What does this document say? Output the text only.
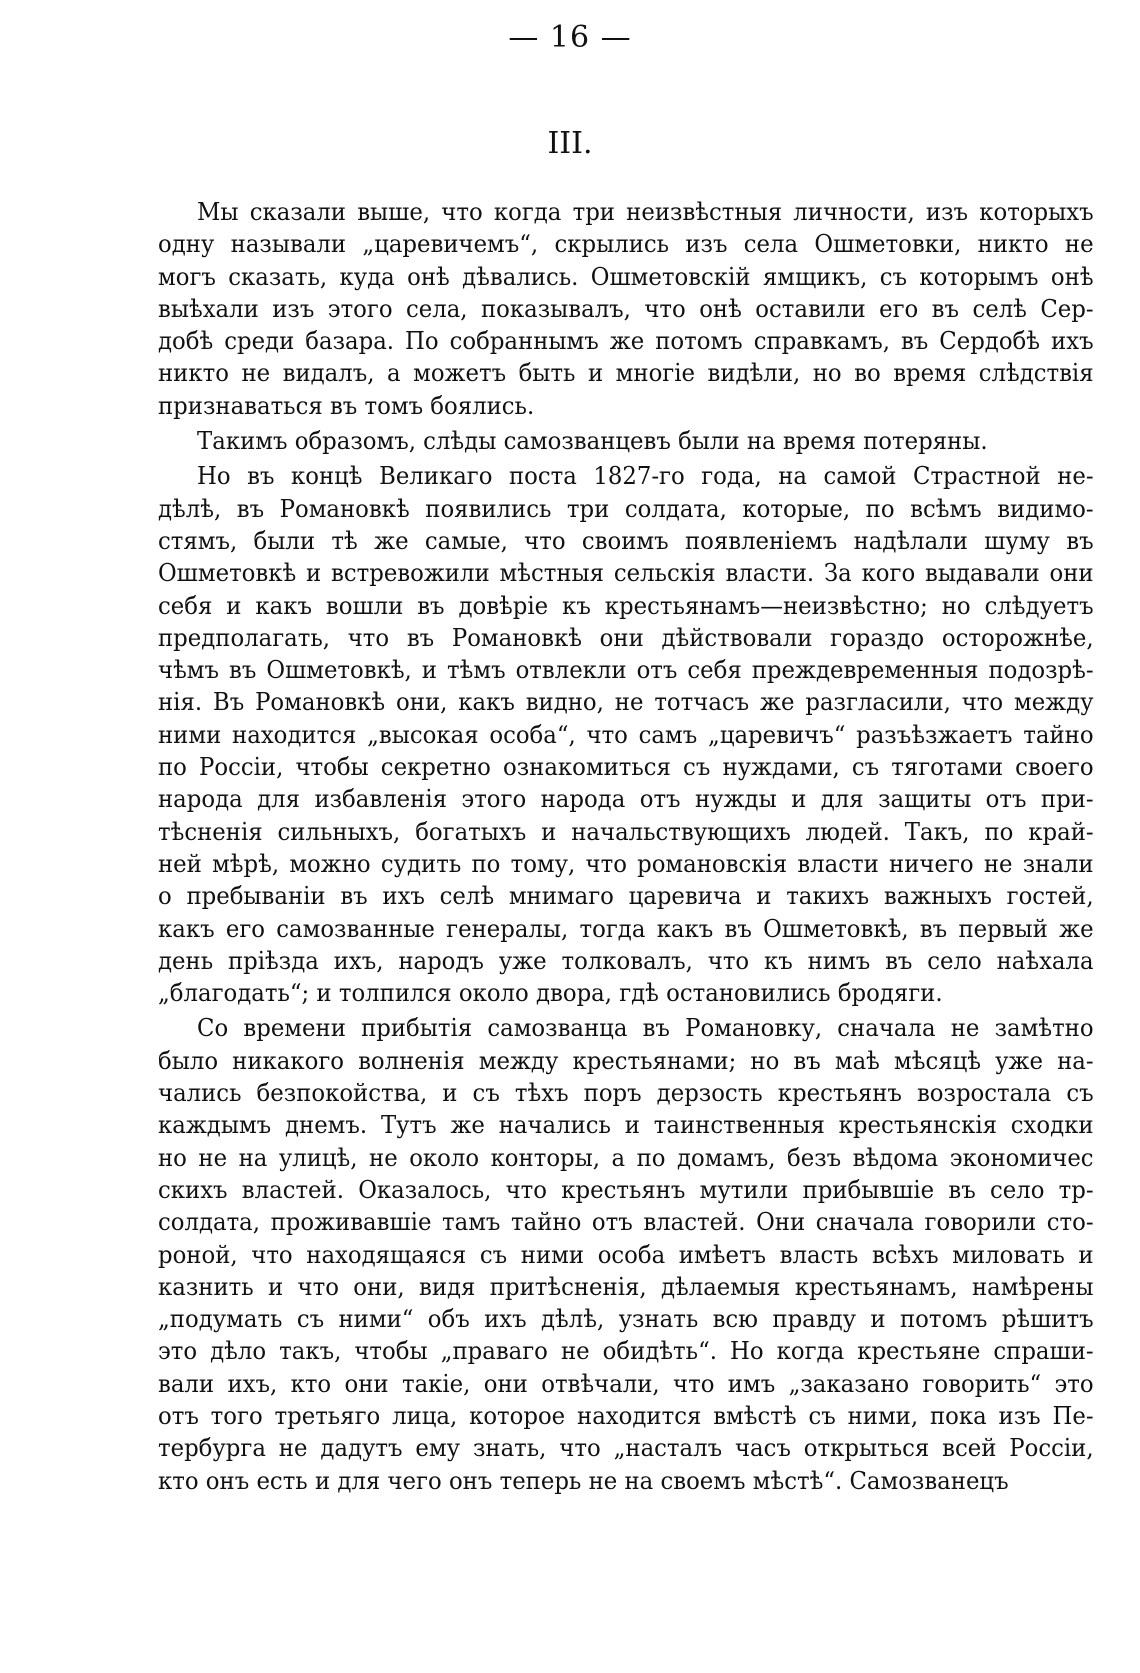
— 16 —
III.
Мы сказали выше, что когда три неизвѣстныя личности, изъ которыхъ
одну называли „царевичемъ“, скрылись изъ села Ошметовки, никто не
могъ сказать, куда онѣ дѣвались. Ошметовскій ямщикъ, съ которымъ онѣ
выѣхали изъ этого села, показывалъ, что онѣ оставили его въ селѣ Сер-
добѣ среди базара. По собраннымъ же потомъ справкамъ, въ Сердобѣ ихъ
никто не видалъ, а можетъ быть и многіе видѣли, но во время слѣдствія
признаваться въ томъ боялись.
Такимъ образомъ, слѣды самозванцевъ были на время потеряны.
Но въ концѣ Великаго поста 1827-го года, на самой Страстной не-
дѣлѣ, въ Романовкѣ появились три солдата, которые, по всѣмъ видимо-
стямъ, были тѣ же самые, что своимъ появленіемъ надѣлали шуму въ
Ошметовкѣ и встревожили мѣстныя сельскія власти. За кого выдавали они
себя и какъ вошли въ довѣріе къ крестьянамъ—неизвѣстно; но слѣдуетъ
предполагать, что въ Романовкѣ они дѣйствовали гораздо осторожнѣе,
чѣмъ въ Ошметовкѣ, и тѣмъ отвлекли отъ себя преждевременныя подозрѣ-
нія. Въ Романовкѣ они, какъ видно, не тотчасъ же разгласили, что между
ними находится „высокая особа“, что самъ „царевичъ“ разъѣзжаетъ тайно
по Россіи, чтобы секретно ознакомиться съ нуждами, съ тяготами своего
народа для избавленія этого народа отъ нужды и для защиты отъ при-
тѣсненія сильныхъ, богатыхъ и начальствующихъ людей. Такъ, по край-
ней мѣрѣ, можно судить по тому, что романовскія власти ничего не знали
о пребываніи въ ихъ селѣ мнимаго царевича и такихъ важныхъ гостей,
какъ его самозванные генералы, тогда какъ въ Ошметовкѣ, въ первый же
день пріѣзда ихъ, народъ уже толковалъ, что къ нимъ въ село наѣхала
„благодать“; и толпился около двора, гдѣ остановились бродяги.
Со времени прибытія самозванца въ Романовку, сначала не замѣтно
было никакого волненія между крестьянами; но въ маѣ мѣсяцѣ уже на-
чались безпокойства, и съ тѣхъ поръ дерзость крестьянъ возростала съ
каждымъ днемъ. Тутъ же начались и таинственныя крестьянскія сходки
но не на улицѣ, не около конторы, а по домамъ, безъ вѣдома экономичес
скихъ властей. Оказалось, что крестьянъ мутили прибывшіе въ село тр-
солдата, проживавшіе тамъ тайно отъ властей. Они сначала говорили сто-
роной, что находящаяся съ ними особа имѣетъ власть всѣхъ миловать и
казнить и что они, видя притѣсненія, дѣлаемыя крестьянамъ, намѣрены
„подумать съ ними“ объ ихъ дѣлѣ, узнать всю правду и потомъ рѣшитъ
это дѣло такъ, чтобы „праваго не обидѣть“. Но когда крестьяне спраши-
вали ихъ, кто они такіе, они отвѣчали, что имъ „заказано говорить“ это
отъ того третьяго лица, которое находится вмѣстѣ съ ними, пока изъ Пе-
тербурга не дадутъ ему знать, что „насталъ часъ открыться всей Россіи,
кто онъ есть и для чего онъ теперь не на своемъ мѣстѣ“. Самозванецъ
